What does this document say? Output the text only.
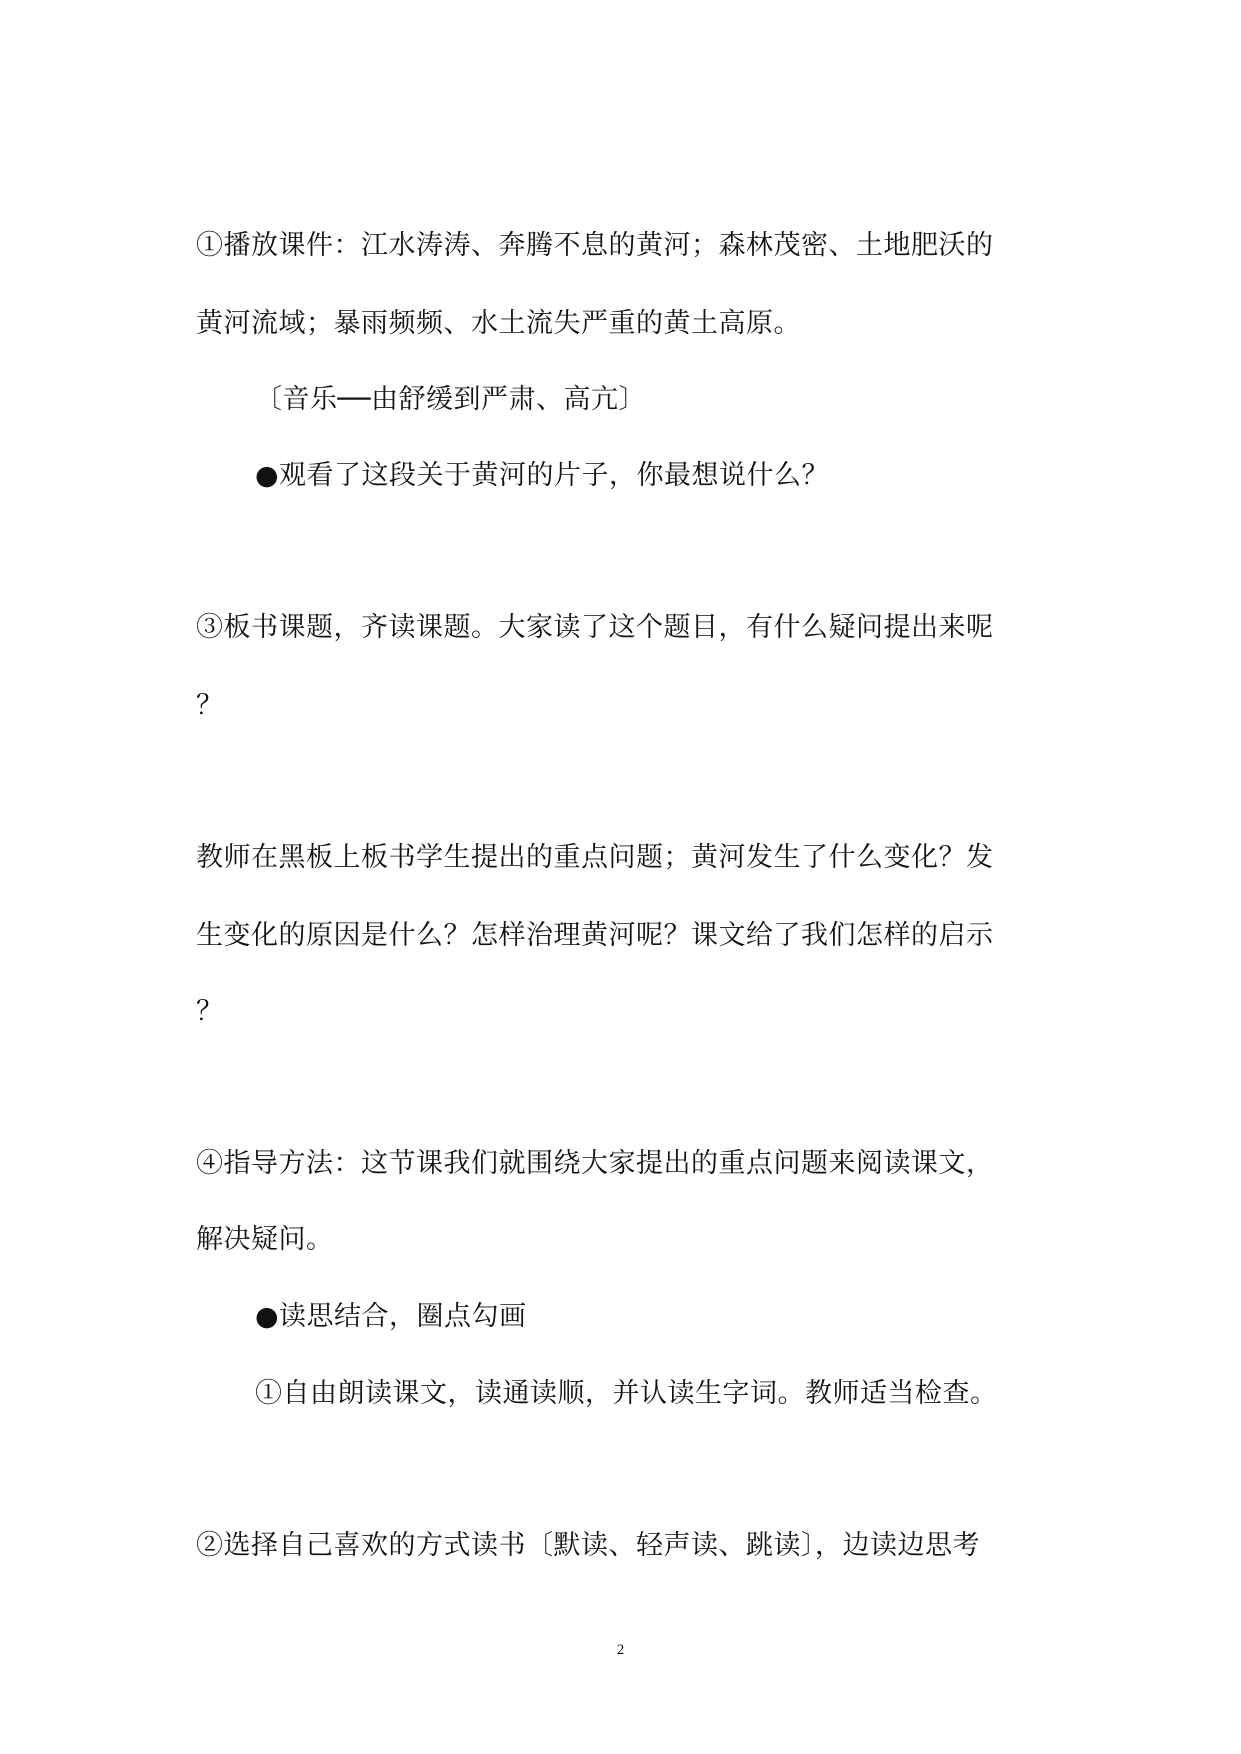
①播放课件：江水涛涛、奔腾不息的黄河；森林茂密、土地肥沃的
黄河流域；暴雨频频、水土流失严重的黄土高原。
〔音乐──由舒缓到严肃、高亢〕
●观看了这段关于黄河的片子，你最想说什么？
③板书课题，齐读课题。大家读了这个题目，有什么疑问提出来呢
？
教师在黑板上板书学生提出的重点问题；黄河发生了什么变化？发
生变化的原因是什么？怎样治理黄河呢？课文给了我们怎样的启示
？
④指导方法：这节课我们就围绕大家提出的重点问题来阅读课文，
解决疑问。
●读思结合，圈点勾画
①自由朗读课文，读通读顺，并认读生字词。教师适当检查。
②选择自己喜欢的方式读书〔默读、轻声读、跳读〕，边读边思考
2
